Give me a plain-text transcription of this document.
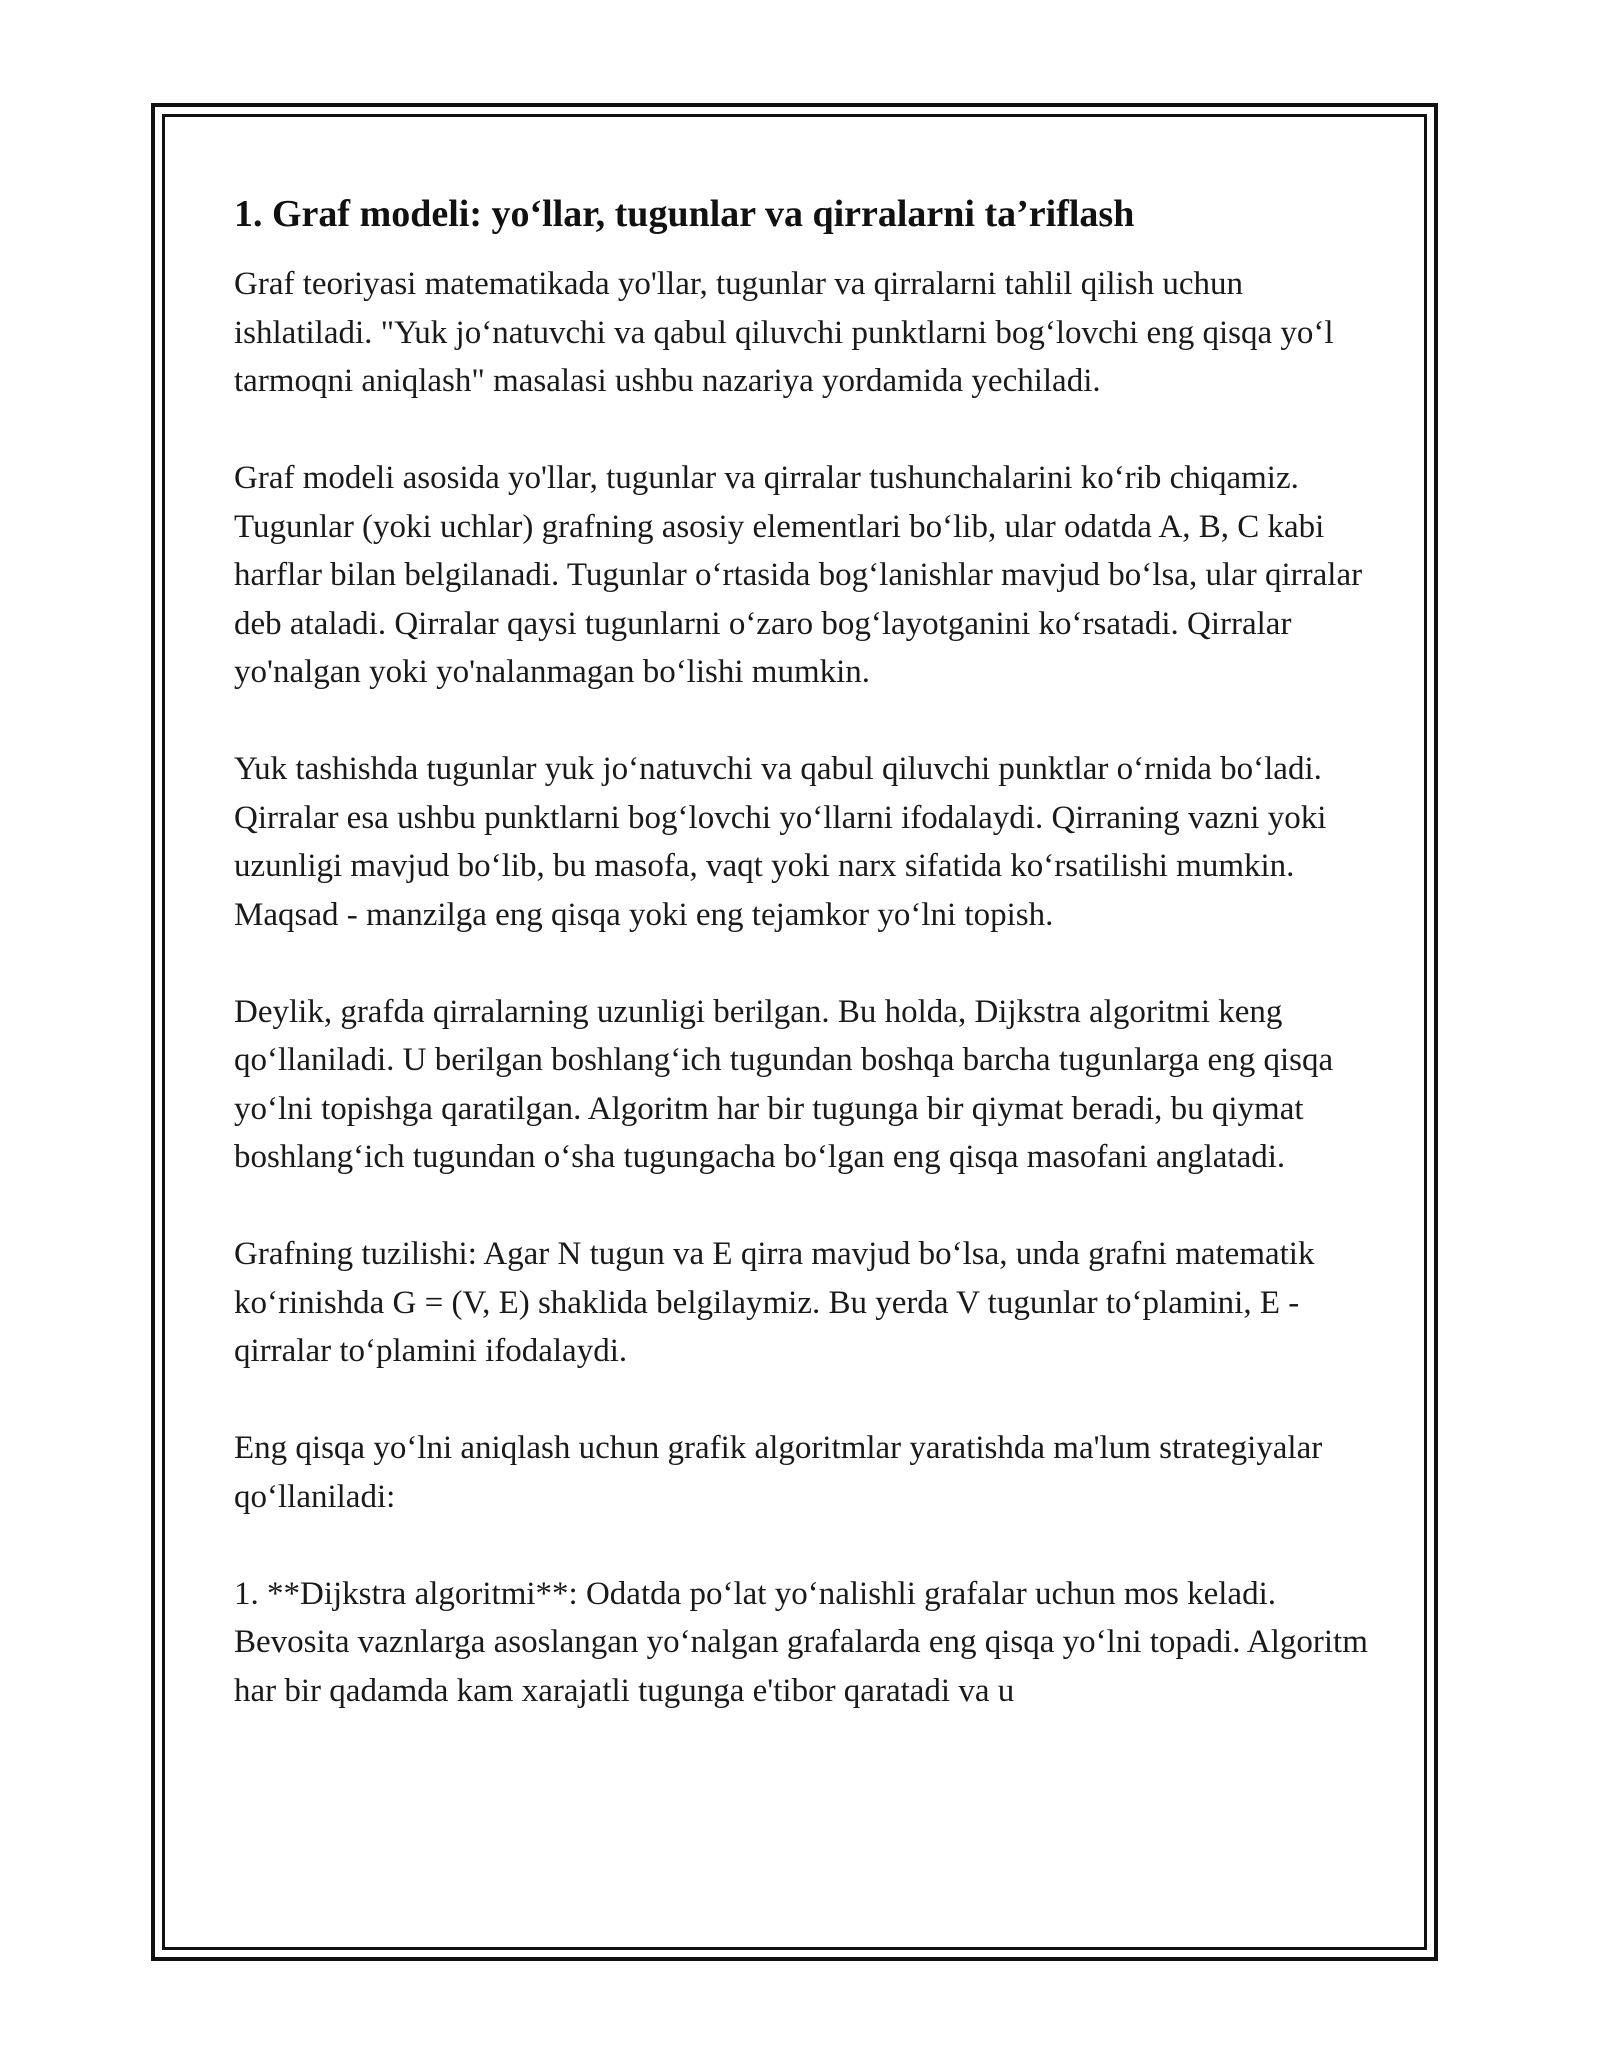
1. Graf modeli: yo‘llar, tugunlar va qirralarni ta’riflash

Graf teoriyasi matematikada yo'llar, tugunlar va qirralarni tahlil qilish uchun ishlatiladi. "Yuk jo‘natuvchi va qabul qiluvchi punktlarni bog‘lovchi eng qisqa yo‘l tarmoqni aniqlash" masalasi ushbu nazariya yordamida yechiladi.

Graf modeli asosida yo'llar, tugunlar va qirralar tushunchalarini ko‘rib chiqamiz. Tugunlar (yoki uchlar) grafning asosiy elementlari bo‘lib, ular odatda A, B, C kabi harflar bilan belgilanadi. Tugunlar o‘rtasida bog‘lanishlar mavjud bo‘lsa, ular qirralar deb ataladi. Qirralar qaysi tugunlarni o‘zaro bog‘layotganini ko‘rsatadi. Qirralar yo'nalgan yoki yo'nalanmagan bo‘lishi mumkin.

Yuk tashishda tugunlar yuk jo‘natuvchi va qabul qiluvchi punktlar o‘rnida bo‘ladi. Qirralar esa ushbu punktlarni bog‘lovchi yo‘llarni ifodalaydi. Qirraning vazni yoki uzunligi mavjud bo‘lib, bu masofa, vaqt yoki narx sifatida ko‘rsatilishi mumkin. Maqsad - manzilga eng qisqa yoki eng tejamkor yo‘lni topish.

Deylik, grafda qirralarning uzunligi berilgan. Bu holda, Dijkstra algoritmi keng qo‘llaniladi. U berilgan boshlang‘ich tugundan boshqa barcha tugunlarga eng qisqa yo‘lni topishga qaratilgan. Algoritm har bir tugunga bir qiymat beradi, bu qiymat boshlang‘ich tugundan o‘sha tugungacha bo‘lgan eng qisqa masofani anglatadi.

Grafning tuzilishi: Agar N tugun va E qirra mavjud bo‘lsa, unda grafni matematik ko‘rinishda G = (V, E) shaklida belgilaymiz. Bu yerda V tugunlar to‘plamini, E - qirralar to‘plamini ifodalaydi.

Eng qisqa yo‘lni aniqlash uchun grafik algoritmlar yaratishda ma'lum strategiyalar qo‘llaniladi:

1. **Dijkstra algoritmi**: Odatda po‘lat yo‘nalishli grafalar uchun mos keladi. Bevosita vaznlarga asoslangan yo‘nalgan grafalarda eng qisqa yo‘lni topadi. Algoritm har bir qadamda kam xarajatli tugunga e'tibor qaratadi va u
